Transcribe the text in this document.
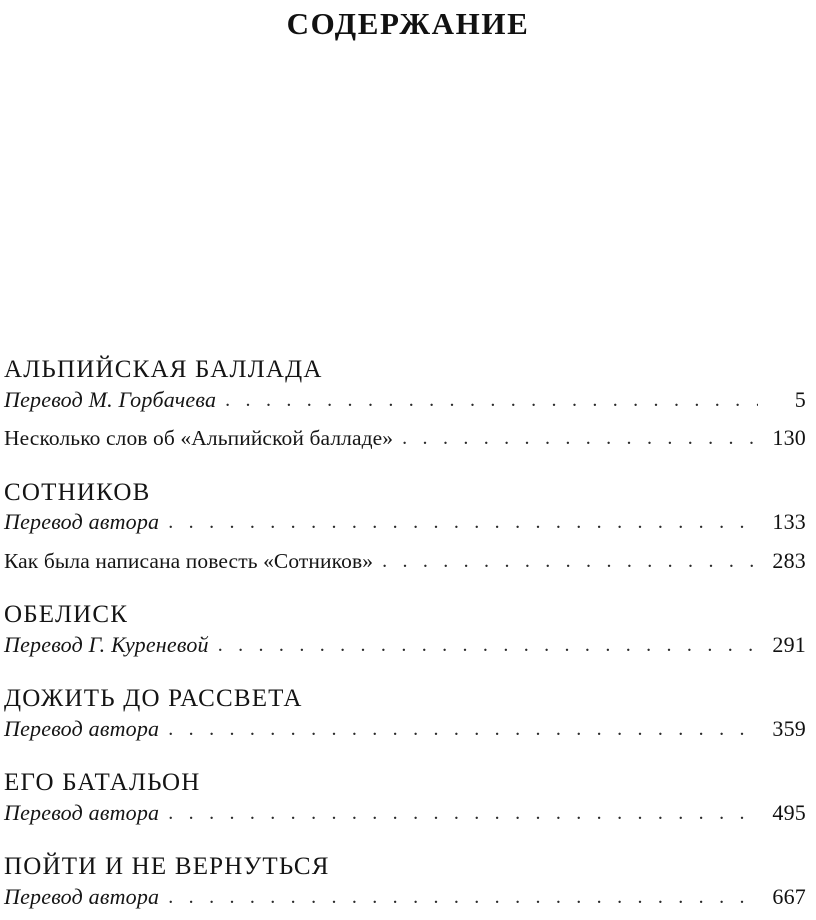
СОДЕРЖАНИЕ
АЛЬПИЙСКАЯ БАЛЛАДА
Перевод М. Горбачева . . .	5
Несколько слов об «Альпийской балладе» . . .	130
СОТНИКОВ
Перевод автора . . .	133
Как была написана повесть «Сотников» . . .	283
ОБЕЛИСК
Перевод Г. Куреневой . . .	291
ДОЖИТЬ ДО РАССВЕТА
Перевод автора . . .	359
ЕГО БАТАЛЬОН
Перевод автора . . .	495
ПОЙТИ И НЕ ВЕРНУТЬСЯ
Перевод автора . . .	667
